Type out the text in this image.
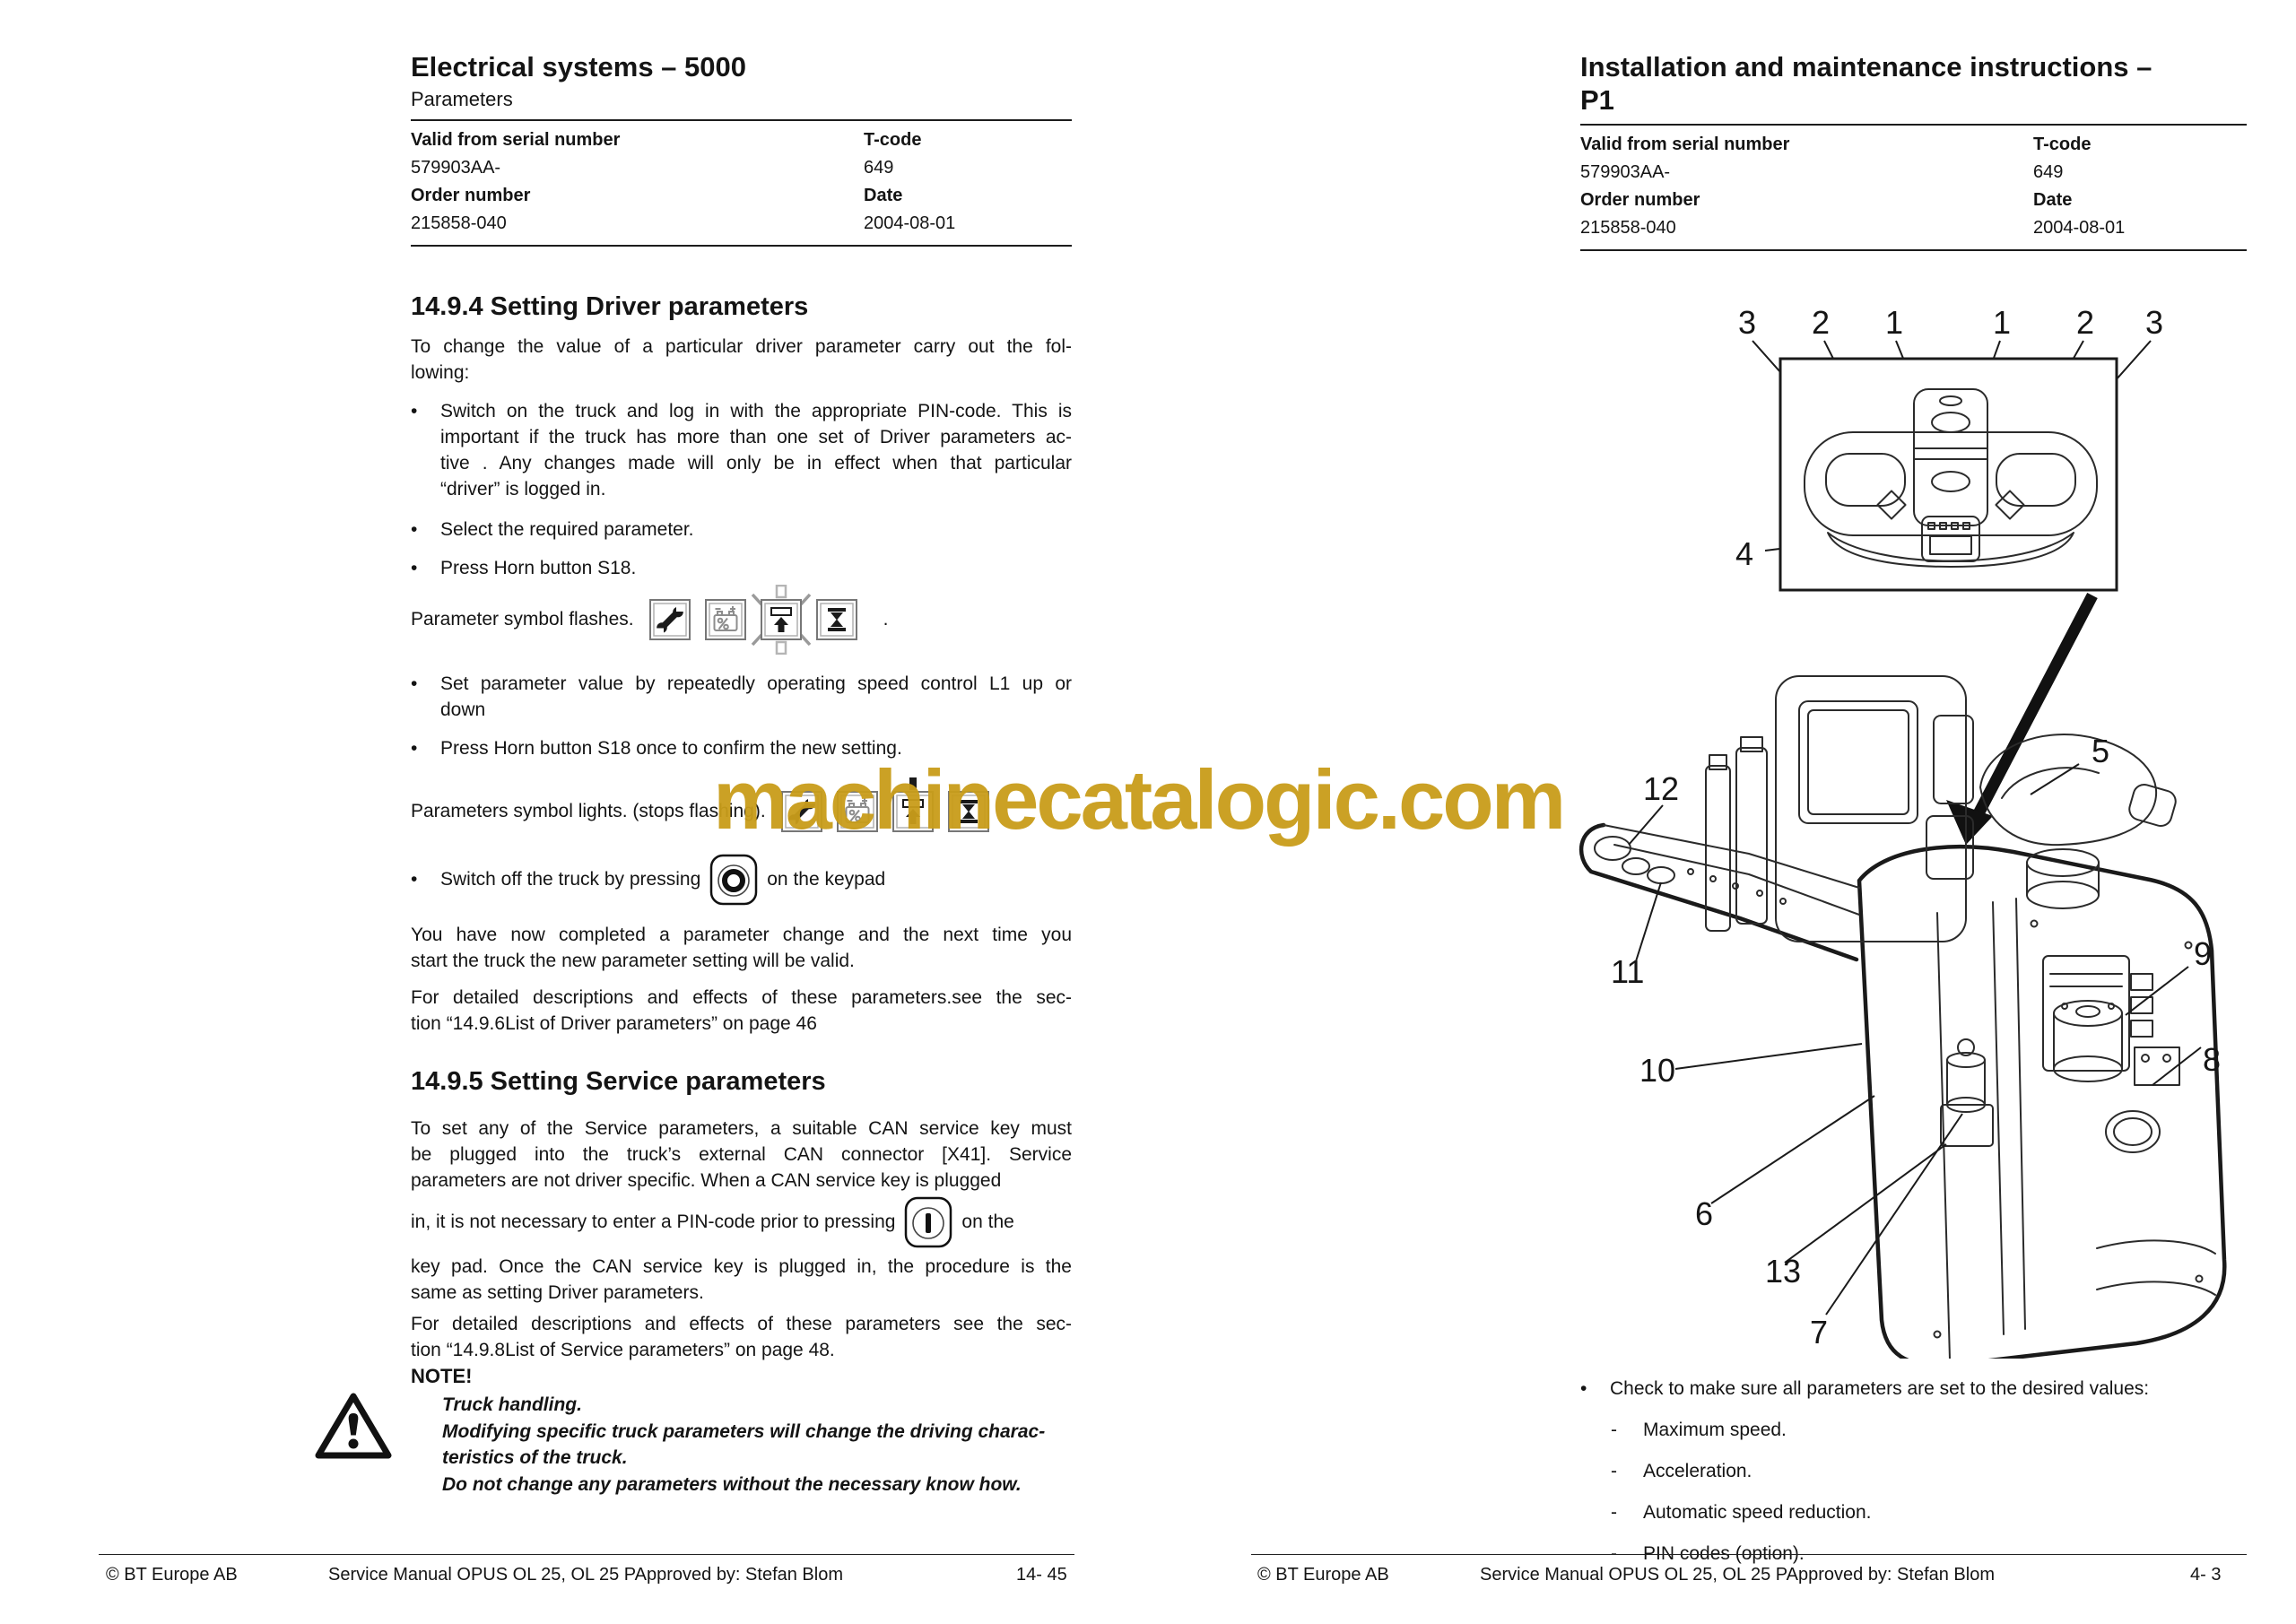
Electrical systems – 5000
Parameters
Valid from serial number	T-code
579903AA-	649
Order number	Date
215858-040	2004-08-01
14.9.4 Setting Driver parameters
To change the value of a particular driver parameter carry out the fol-
lowing:
•	Switch on the truck and log in with the appropriate PIN-code. This is
important if the truck has more than one set of Driver parameters ac-
tive . Any changes made will only be in effect when that particular
“driver” is logged in.
•	Select the required parameter.
•	Press Horn button S18.
Parameter symbol flashes.	.
•	Set parameter value by repeatedly operating speed control L1 up or
down
•	Press Horn button S18 once to confirm the new setting.
Parameters symbol lights. (stops flashing).
•	Switch off the truck by pressing	on the keypad
You have now completed a parameter change and the next time you
start the truck the new parameter setting will be valid.
For detailed descriptions and effects of these parameters.see the sec-
tion “14.9.6List of Driver parameters” on page 46
14.9.5 Setting Service parameters
To set any of the Service parameters, a suitable CAN service key must
be plugged into the truck’s external CAN connector [X41]. Service
parameters are not driver specific. When a CAN service key is plugged
in, it is not necessary to enter a PIN-code prior to pressing	on the
key pad. Once the CAN service key is plugged in, the procedure is the
same as setting Driver parameters.
For detailed descriptions and effects of these parameters see the sec-
tion “14.9.8List of Service parameters” on page 48.
NOTE!
Truck handling.
Modifying specific truck parameters will change the driving charac-
teristics of the truck.
Do not change any parameters without the necessary know how.
© BT Europe AB	Service Manual OPUS OL 25, OL 25 PApproved by: Stefan Blom	14- 45
Installation and maintenance instructions –
P1
Valid from serial number	T-code
579903AA-	649
Order number	Date
215858-040	2004-08-01
3 2 1	1 2 3
4
5
12
11
10
9
8
6
13
7
•	Check to make sure all parameters are set to the desired values:
-	Maximum speed.
-	Acceleration.
-	Automatic speed reduction.
-	PIN codes (option).
© BT Europe AB	Service Manual OPUS OL 25, OL 25 PApproved by: Stefan Blom	4- 3
machinecatalogic.com
